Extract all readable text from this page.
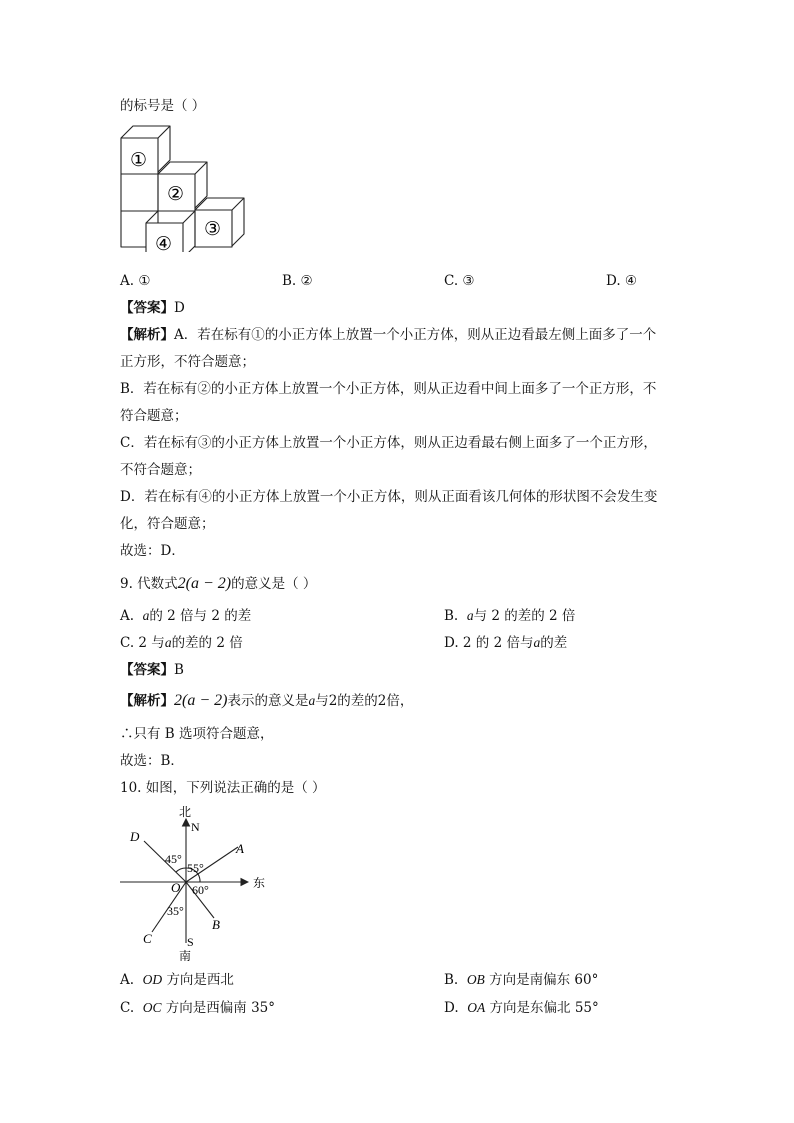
的标号是（ ）
①
②
③
④
A. ①	B. ②	C. ③	D. ④
【答案】D
【解析】A．若在标有①的小正方体上放置一个小正方体，则从正边看最左侧上面多了一个
正方形，不符合题意；
B．若在标有②的小正方体上放置一个小正方体，则从正边看中间上面多了一个正方形，不
符合题意；
C．若在标有③的小正方体上放置一个小正方体，则从正边看最右侧上面多了一个正方形，
不符合题意；
D．若在标有④的小正方体上放置一个小正方体，则从正面看该几何体的形状图不会发生变
化，符合题意；
故选：D．
9. 代数式2(a − 2)的意义是（ ）
A. a的 2 倍与 2 的差	B. a与 2 的差的 2 倍
C. 2 与a的差的 2 倍	D. 2 的 2 倍与a的差
【答案】B
【解析】2(a − 2)表示的意义是a与2的差的2倍，
∴只有 B 选项符合题意，
故选：B．
10. 如图，下列说法正确的是（ ）
北
N
D
A
45°
55°
O 60°	东
35°
B
C	S
南
A. OD 方向是西北	B. OB 方向是南偏东 60°
C. OC 方向是西偏南 35°	D. OA 方向是东偏北 55°
